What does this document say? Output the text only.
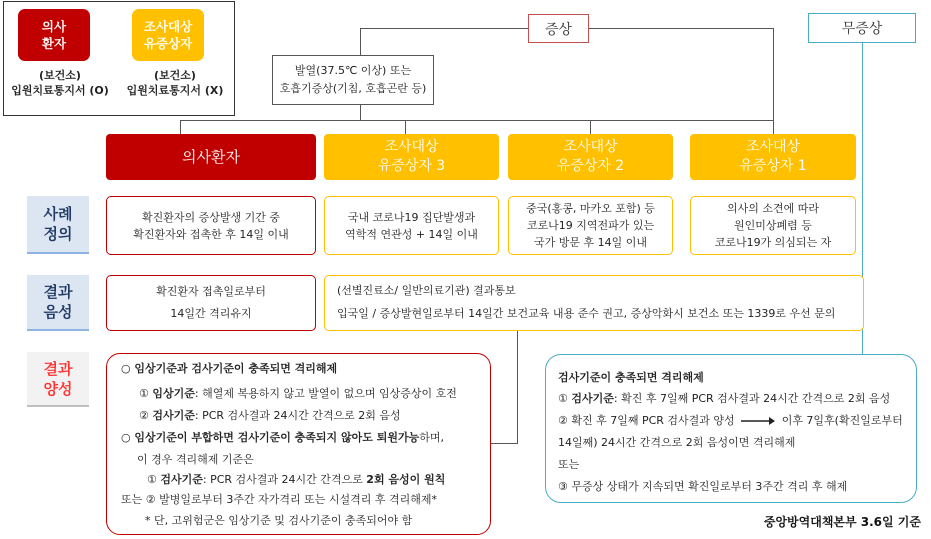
의사
환자
조사대상
유증상자
(보건소)
입원치료통지서 (O)
(보건소)
입원치료통지서 (X)
증상	무증상
발열(37.5℃ 이상) 또는
호흡기증상(기침, 호흡곤란 등)
의사환자
조사대상
유증상자 3
조사대상
유증상자 2
조사대상
유증상자 1
사례
정의
결과
음성
결과
양성
확진환자의 증상발생 기간 중
확진환자와 접촉한 후 14일 이내
국내 코로나19 집단발생과
역학적 연관성 + 14일 이내
중국(홍콩, 마카오 포함) 등
코로나19 지역전파가 있는
국가 방문 후 14일 이내
의사의 소견에 따라
원인미상폐렴 등
코로나19가 의심되는 자
확진환자 접촉일로부터
14일간 격리유지
(선별진료소/ 일반의료기관) 결과통보
입국일 / 증상발현일로부터 14일간 보건교육 내용 준수 권고, 증상악화시 보건소 또는 1339로 우선 문의
○ 임상기준과 검사기준이 충족되면 격리해제
① 임상기준: 해열제 복용하지 않고 발열이 없으며 임상증상이 호전
② 검사기준: PCR 검사결과 24시간 간격으로 2회 음성
○ 임상기준이 부합하면 검사기준이 충족되지 않아도 퇴원가능하며,
이 경우 격리해제 기준은
① 검사기준: PCR 검사결과 24시간 간격으로 2회 음성이 원칙
또는 ② 발병일로부터 3주간 자가격리 또는 시설격리 후 격리해제*
* 단, 고위험군은 임상기준 및 검사기준이 충족되어야 함
검사기준이 충족되면 격리해제
① 검사기준: 확진 후 7일째 PCR 검사결과 24시간 간격으로 2회 음성
② 확진 후 7일째 PCR 검사결과 양성	이후 7일후(확진일로부터
14일째) 24시간 간격으로 2회 음성이면 격리해제
또는
③ 무증상 상태가 지속되면 확진일로부터 3주간 격리 후 해제
중앙방역대책본부 3.6일 기준
